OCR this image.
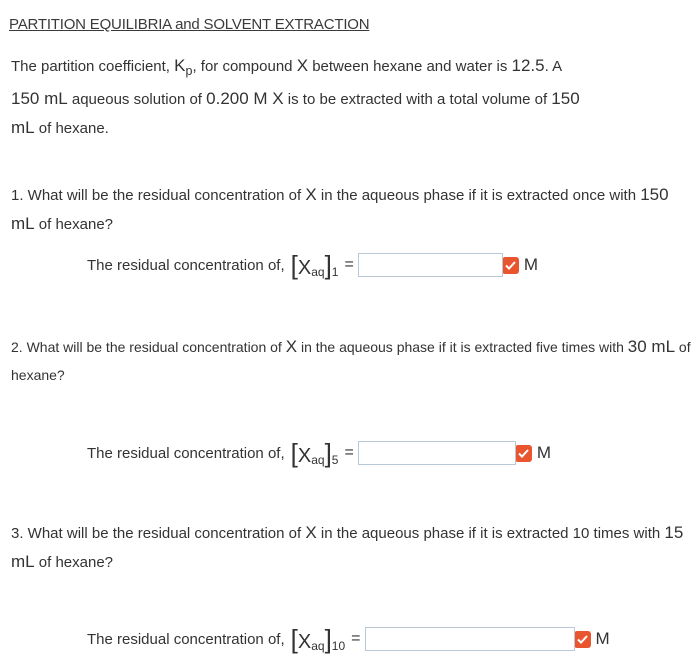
PARTITION EQUILIBRIA and SOLVENT EXTRACTION
The partition coefficient, $K_p$, for compound X between hexane and water is 12.5. A
150 mL aqueous solution of 0.200 M X is to be extracted with a total volume of 150
mL of hexane.
1. What will be the residual concentration of X in the aqueous phase if it is extracted once with 150 mL of hexane?
The residual concentration of, [ $X_{aq}$ ]$_1$ =	M
2. What will be the residual concentration of X in the aqueous phase if it is extracted five times with 30 mL of hexane?
The residual concentration of, [ $X_{aq}$ ]$_5$ =	M
3. What will be the residual concentration of X in the aqueous phase if it is extracted 10 times with 15 mL of hexane?
The residual concentration of, [ $X_{aq}$ ]$_{10}$ =	M
